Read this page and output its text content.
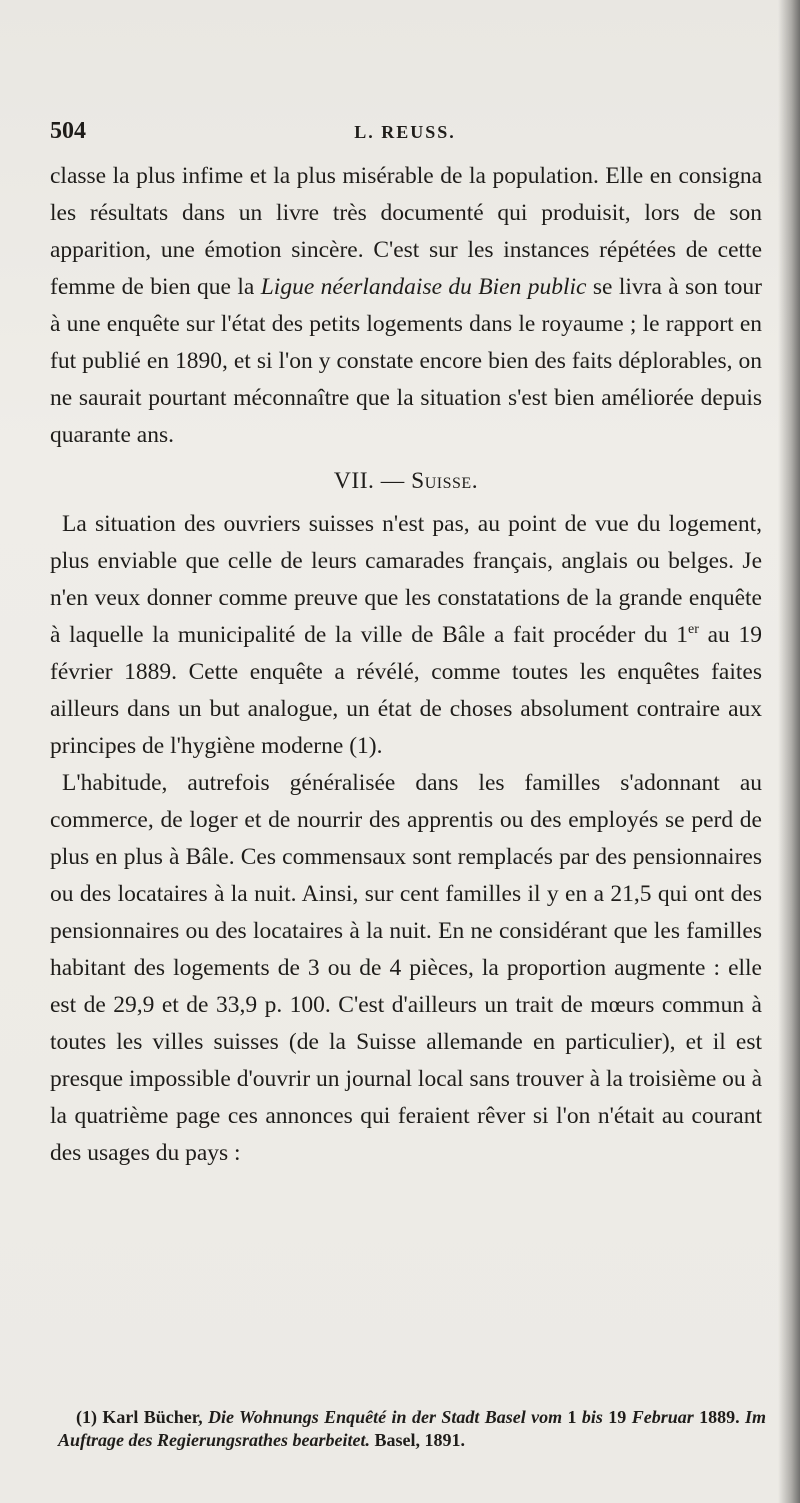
504	L. REUSS.

classe la plus infime et la plus misérable de la population. Elle en consigna les résultats dans un livre très documenté qui produisit, lors de son apparition, une émotion sincère. C'est sur les instances répétées de cette femme de bien que la Ligue néerlandaise du Bien public se livra à son tour à une enquête sur l'état des petits logements dans le royaume ; le rapport en fut publié en 1890, et si l'on y constate encore bien des faits déplorables, on ne saurait pourtant méconnaître que la situation s'est bien améliorée depuis quarante ans.

VII. — Suisse.

La situation des ouvriers suisses n'est pas, au point de vue du logement, plus enviable que celle de leurs camarades français, anglais ou belges. Je n'en veux donner comme preuve que les constatations de la grande enquête à laquelle la municipalité de la ville de Bâle a fait procéder du 1er au 19 février 1889. Cette enquête a révélé, comme toutes les enquêtes faites ailleurs dans un but analogue, un état de choses absolument contraire aux principes de l'hygiène moderne (1).

L'habitude, autrefois généralisée dans les familles s'adonnant au commerce, de loger et de nourrir des apprentis ou des employés se perd de plus en plus à Bâle. Ces commensaux sont remplacés par des pensionnaires ou des locataires à la nuit. Ainsi, sur cent familles il y en a 21,5 qui ont des pensionnaires ou des locataires à la nuit. En ne considérant que les familles habitant des logements de 3 ou de 4 pièces, la proportion augmente : elle est de 29,9 et de 33,9 p. 100. C'est d'ailleurs un trait de mœurs commun à toutes les villes suisses (de la Suisse allemande en particulier), et il est presque impossible d'ouvrir un journal local sans trouver à la troisième ou à la quatrième page ces annonces qui feraient rêver si l'on n'était au courant des usages du pays :

(1) Karl Bücher, Die Wohnungs Enquêté in der Stadt Basel vom 1 bis 19 Februar 1889. Im Auftrage des Regierungsrathes bearbeitet. Basel, 1891.
